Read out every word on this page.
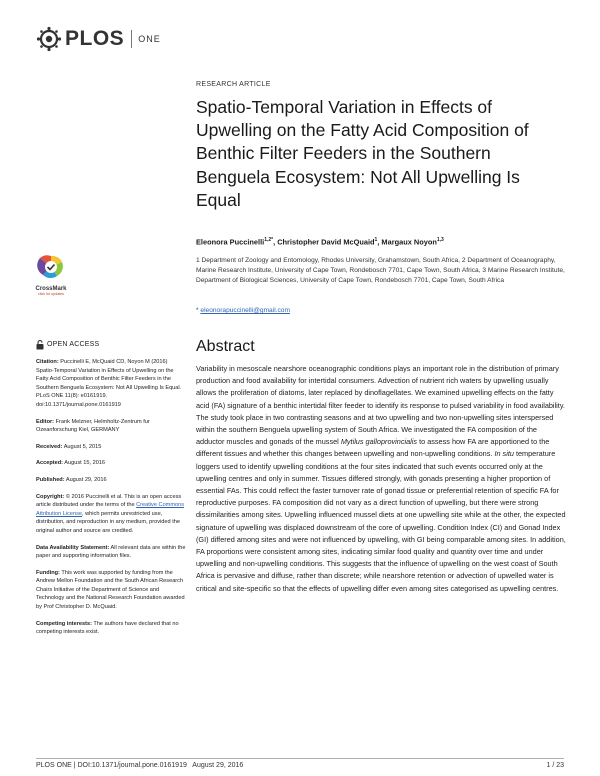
PLOS ONE
RESEARCH ARTICLE
Spatio-Temporal Variation in Effects of Upwelling on the Fatty Acid Composition of Benthic Filter Feeders in the Southern Benguela Ecosystem: Not All Upwelling Is Equal
Eleonora Puccinelli$^{1,2*}$, Christopher David McQuaid$^1$, Margaux Noyon$^{1,3}$
1 Department of Zoology and Entomology, Rhodes University, Grahamstown, South Africa, 2 Department of Oceanography, Marine Research Institute, University of Cape Town, Rondebosch 7701, Cape Town, South Africa, 3 Marine Research Institute, Department of Biological Sciences, University of Cape Town, Rondebosch 7701, Cape Town, South Africa
* eleonorapuccinelli@gmail.com
CrossMark
click for updates
OPEN ACCESS

Citation: Puccinelli E, McQuaid CD, Noyon M (2016) Spatio-Temporal Variation in Effects of Upwelling on the Fatty Acid Composition of Benthic Filter Feeders in the Southern Benguela Ecosystem: Not All Upwelling Is Equal. PLoS ONE 11(8): e0161919. doi:10.1371/journal.pone.0161919

Editor: Frank Melzner, Helmholtz-Zentrum fur Ozeanforschung Kiel, GERMANY

Received: August 5, 2015

Accepted: August 15, 2016

Published: August 29, 2016

Copyright: © 2016 Puccinelli et al. This is an open access article distributed under the terms of the Creative Commons Attribution License, which permits unrestricted use, distribution, and reproduction in any medium, provided the original author and source are credited.

Data Availability Statement: All relevant data are within the paper and supporting information files.

Funding: This work was supported by funding from the Andrew Mellon Foundation and the South African Research Chairs Initiative of the Department of Science and Technology and the National Research Foundation awarded by Prof Christopher D. McQuaid.

Competing interests: The authors have declared that no competing interests exist.

Abstract

Variability in mesoscale nearshore oceanographic conditions plays an important role in the distribution of primary production and food availability for intertidal consumers. Advection of nutrient rich waters by upwelling usually allows the proliferation of diatoms, later replaced by dinoflagellates. We examined upwelling effects on the fatty acid (FA) signature of a benthic intertidal filter feeder to identify its response to pulsed variability in food availability. The study took place in two contrasting seasons and at two upwelling and two non-upwelling sites interspersed within the southern Benguela upwelling system of South Africa. We investigated the FA composition of the adductor muscles and gonads of the mussel Mytilus galloprovincialis to assess how FA are apportioned to the different tissues and whether this changes between upwelling and non-upwelling conditions. In situ temperature loggers used to identify upwelling conditions at the four sites indicated that such events occurred only at the upwelling centres and only in summer. Tissues differed strongly, with gonads presenting a higher proportion of essential FAs. This could reflect the faster turnover rate of gonad tissue or preferential retention of specific FA for reproductive purposes. FA composition did not vary as a direct function of upwelling, but there were strong dissimilarities among sites. Upwelling influenced mussel diets at one upwelling site while at the other, the expected signature of upwelling was displaced downstream of the core of upwelling. Condition Index (CI) and Gonad Index (GI) differed among sites and were not influenced by upwelling, with GI being comparable among sites. In addition, FA proportions were consistent among sites, indicating similar food quality and quantity over time and under upwelling and non-upwelling conditions. This suggests that the influence of upwelling on the west coast of South Africa is pervasive and diffuse, rather than discrete; while nearshore retention or advection of upwelled water is critical and site-specific so that the effects of upwelling differ even among sites categorised as upwelling centres.

PLOS ONE | DOI:10.1371/journal.pone.0161919   August 29, 2016	1 / 23
